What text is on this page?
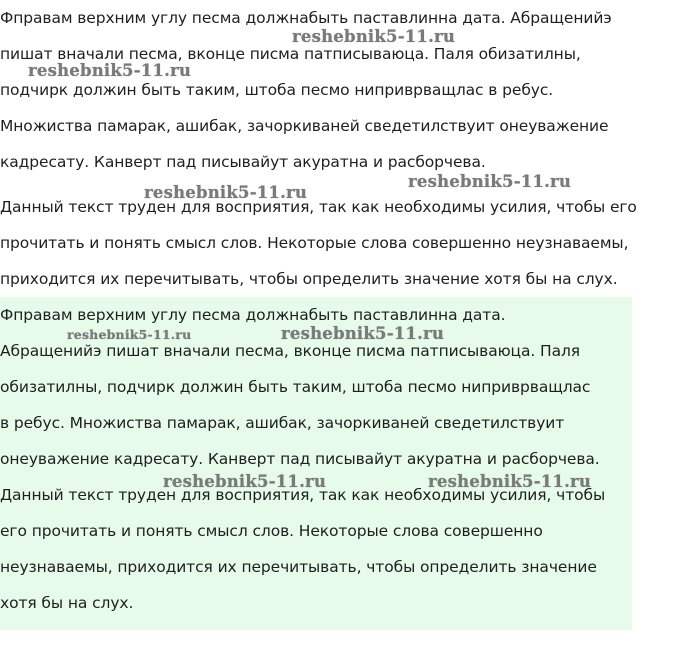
Фправам верхним углу песма должнабыть паставлинна дата. Абращенийэ
пишат вначали песма, вконце писма патписываюца. Паля обизатилны,
подчирк должин быть таким, штоба песмо ниприврващлас в ребус.
Множиства памарак, ашибак, зачоркиваней сведетилствуит онеуважение
кадресату. Канверт пад писывайут акуратна и расборчева.
Данный текст труден для восприятия, так как необходимы усилия, чтобы его
прочитать и понять смысл слов. Некоторые слова совершенно неузнаваемы,
приходится их перечитывать, чтобы определить значение хотя бы на слух.
Фправам верхним углу песма должнабыть паставлинна дата.
Абращенийэ пишат вначали песма, вконце писма патписываюца. Паля
обизатилны, подчирк должин быть таким, штоба песмо ниприврващлас
в ребус. Множиства памарак, ашибак, зачоркиваней сведетилствуит
онеуважение кадресату. Канверт пад писывайут акуратна и расборчева.
Данный текст труден для восприятия, так как необходимы усилия, чтобы
его прочитать и понять смысл слов. Некоторые слова совершенно
неузнаваемы, приходится их перечитывать, чтобы определить значение
хотя бы на слух.
reshebnik5-11.ru
reshebnik5-11.ru
reshebnik5-11.ru
reshebnik5-11.ru
reshebnik5-11.ru	reshebnik5-11.ru
reshebnik5-11.ru	reshebnik5-11.ru
